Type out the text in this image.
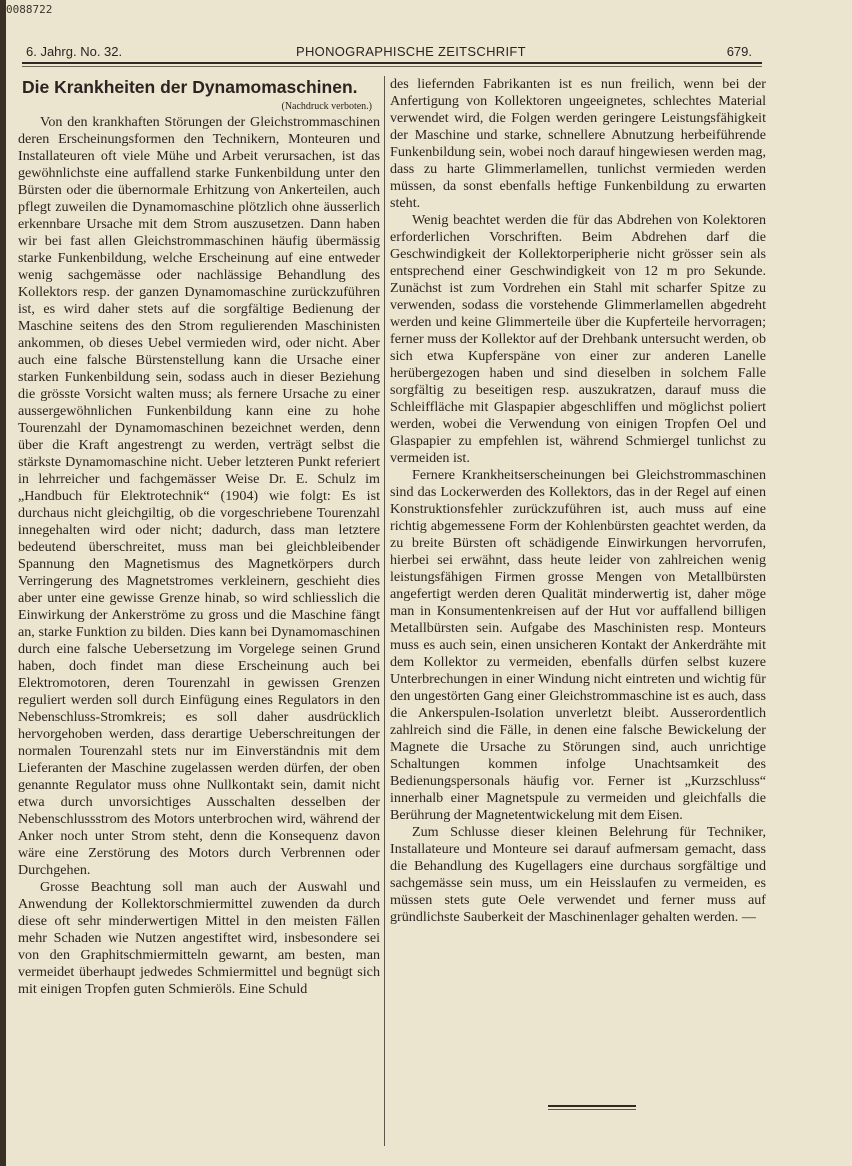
0088722
6. Jahrg. No. 32.	PHONOGRAPHISCHE ZEITSCHRIFT	679.
Die Krankheiten der Dynamomaschinen.
(Nachdruck verboten.)

Von den krankhaften Störungen der Gleichstrommaschinen deren Erscheinungsformen den Technikern, Monteuren und Installateuren oft viele Mühe und Arbeit verursachen, ist das gewöhnlichste eine auffallend starke Funkenbildung unter den Bürsten oder die übernormale Erhitzung von Ankerteilen, auch pflegt zuweilen die Dynamomaschine plötzlich ohne äusserlich erkennbare Ursache mit dem Strom auszusetzen. Dann haben wir bei fast allen Gleichstrommaschinen häufig übermässig starke Funkenbildung, welche Erscheinung auf eine entweder wenig sachgemässe oder nachlässige Behandlung des Kollektors resp. der ganzen Dynamomaschine zurückzuführen ist, es wird daher stets auf die sorgfältige Bedienung der Maschine seitens des den Strom regulierenden Maschinisten ankommen, ob dieses Uebel vermieden wird, oder nicht. Aber auch eine falsche Bürstenstellung kann die Ursache einer starken Funkenbildung sein, sodass auch in dieser Beziehung die grösste Vorsicht walten muss; als fernere Ursache zu einer aussergewöhnlichen Funkenbildung kann eine zu hohe Tourenzahl der Dynamomaschinen bezeichnet werden, denn über die Kraft angestrengt zu werden, verträgt selbst die stärkste Dynamomaschine nicht. Ueber letzteren Punkt referiert in lehrreicher und fachgemässer Weise Dr. E. Schulz im „Handbuch für Elektrotechnik“ (1904) wie folgt: Es ist durchaus nicht gleichgiltig, ob die vorgeschriebene Tourenzahl innegehalten wird oder nicht; dadurch, dass man letztere bedeutend überschreitet, muss man bei gleichbleibender Spannung den Magnetismus des Magnetkörpers durch Verringerung des Magnetstromes verkleinern, geschieht dies aber unter eine gewisse Grenze hinab, so wird schliesslich die Einwirkung der Ankerströme zu gross und die Maschine fängt an, starke Funktion zu bilden. Dies kann bei Dynamomaschinen durch eine falsche Uebersetzung im Vorgelege seinen Grund haben, doch findet man diese Erscheinung auch bei Elektromotoren, deren Tourenzahl in gewissen Grenzen reguliert werden soll durch Einfügung eines Regulators in den Nebenschluss-Stromkreis; es soll daher ausdrücklich hervorgehoben werden, dass derartige Ueberschreitungen der normalen Tourenzahl stets nur im Einverständnis mit dem Lieferanten der Maschine zugelassen werden dürfen, der oben genannte Regulator muss ohne Nullkontakt sein, damit nicht etwa durch unvorsichtiges Ausschalten desselben der Nebenschlussstrom des Motors unterbrochen wird, während der Anker noch unter Strom steht, denn die Konsequenz davon wäre eine Zerstörung des Motors durch Verbrennen oder Durchgehen.

Grosse Beachtung soll man auch der Auswahl und Anwendung der Kollektorschmiermittel zuwenden da durch diese oft sehr minderwertigen Mittel in den meisten Fällen mehr Schaden wie Nutzen angestiftet wird, insbesondere sei von den Graphitschmiermitteln gewarnt, am besten, man vermeidet überhaupt jedwedes Schmiermittel und begnügt sich mit einigen Tropfen guten Schmieröls. Eine Schuld

des liefernden Fabrikanten ist es nun freilich, wenn bei der Anfertigung von Kollektoren ungeeignetes, schlechtes Material verwendet wird, die Folgen werden geringere Leistungsfähigkeit der Maschine und starke, schnellere Abnutzung herbeiführende Funkenbildung sein, wobei noch darauf hingewiesen werden mag, dass zu harte Glimmerlamellen, tunlichst vermieden werden müssen, da sonst ebenfalls heftige Funkenbildung zu erwarten steht.

Wenig beachtet werden die für das Abdrehen von Kolektoren erforderlichen Vorschriften. Beim Abdrehen darf die Geschwindigkeit der Kollektorperipherie nicht grösser sein als entsprechend einer Geschwindigkeit von 12 m pro Sekunde. Zunächst ist zum Vordrehen ein Stahl mit scharfer Spitze zu verwenden, sodass die vorstehende Glimmerlamellen abgedreht werden und keine Glimmerteile über die Kupferteile hervorragen; ferner muss der Kollektor auf der Drehbank untersucht werden, ob sich etwa Kupferspäne von einer zur anderen Lanelle herübergezogen haben und sind dieselben in solchem Falle sorgfältig zu beseitigen resp. auszukratzen, darauf muss die Schleiffläche mit Glaspapier abgeschliffen und möglichst poliert werden, wobei die Verwendung von einigen Tropfen Oel und Glaspapier zu empfehlen ist, während Schmiergel tunlichst zu vermeiden ist.

Fernere Krankheitserscheinungen bei Gleichstrommaschinen sind das Lockerwerden des Kollektors, das in der Regel auf einen Konstruktionsfehler zurückzuführen ist, auch muss auf eine richtig abgemessene Form der Kohlenbürsten geachtet werden, da zu breite Bürsten oft schädigende Einwirkungen hervorrufen, hierbei sei erwähnt, dass heute leider von zahlreichen wenig leistungsfähigen Firmen grosse Mengen von Metallbürsten angefertigt werden deren Qualität minderwertig ist, daher möge man in Konsumentenkreisen auf der Hut vor auffallend billigen Metallbürsten sein. Aufgabe des Maschinisten resp. Monteurs muss es auch sein, einen unsicheren Kontakt der Ankerdrähte mit dem Kollektor zu vermeiden, ebenfalls dürfen selbst kuzere Unterbrechungen in einer Windung nicht eintreten und wichtig für den ungestörten Gang einer Gleichstrommaschine ist es auch, dass die Ankerspulen-Isolation unverletzt bleibt. Ausserordentlich zahlreich sind die Fälle, in denen eine falsche Bewickelung der Magnete die Ursache zu Störungen sind, auch unrichtige Schaltungen kommen infolge Unachtsamkeit des Bedienungspersonals häufig vor. Ferner ist „Kurzschluss“ innerhalb einer Magnetspule zu vermeiden und gleichfalls die Berührung der Magnetentwickelung mit dem Eisen.

Zum Schlusse dieser kleinen Belehrung für Techniker, Installateure und Monteure sei darauf aufmersam gemacht, dass die Behandlung des Kugellagers eine durchaus sorgfältige und sachgemässe sein muss, um ein Heisslaufen zu vermeiden, es müssen stets gute Oele verwendet und ferner muss auf gründlichste Sauberkeit der Maschinenlager gehalten werden. —
